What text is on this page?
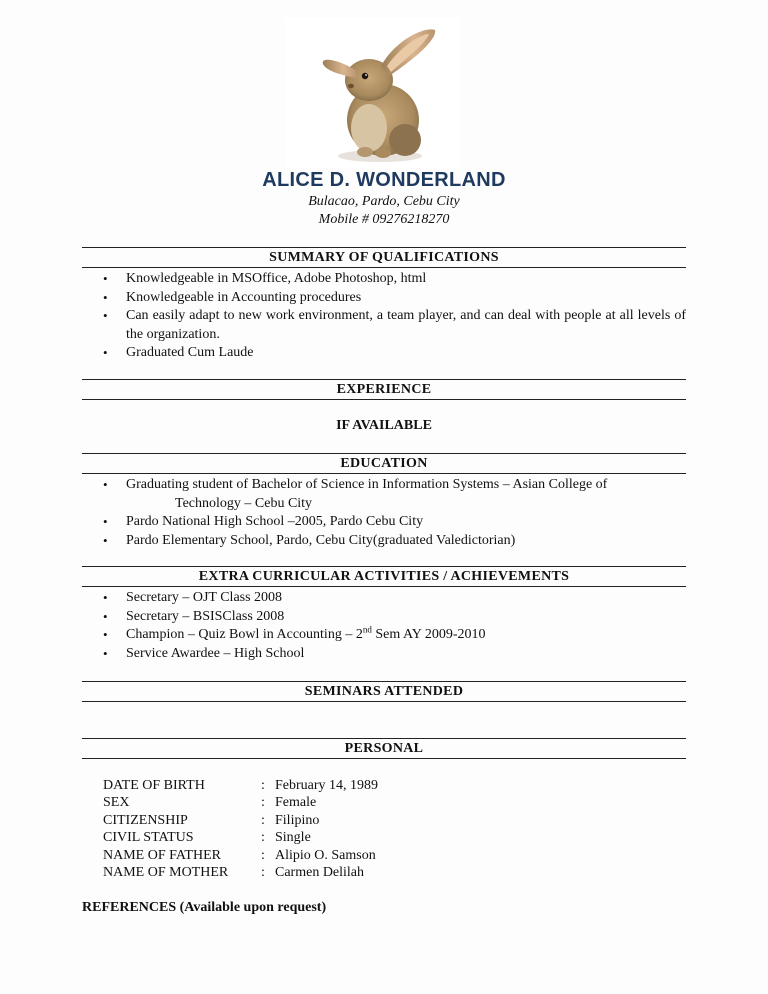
ALICE D. WONDERLAND
Bulacao, Pardo, Cebu City
Mobile # 09276218270
SUMMARY OF QUALIFICATIONS
• Knowledgeable in MSOffice, Adobe Photoshop, html
• Knowledgeable in Accounting procedures
• Can easily adapt to new work environment, a team player, and can deal with people at all levels of the organization.
• Graduated Cum Laude
EXPERIENCE
IF AVAILABLE
EDUCATION
• Graduating student of Bachelor of Science in Information Systems – Asian College of
Technology – Cebu City
• Pardo National High School –2005, Pardo Cebu City
• Pardo Elementary School, Pardo, Cebu City(graduated Valedictorian)
EXTRA CURRICULAR ACTIVITIES / ACHIEVEMENTS
• Secretary – OJT Class 2008
• Secretary – BSISClass 2008
• Champion – Quiz Bowl in Accounting – 2nd Sem AY 2009-2010
• Service Awardee – High School
SEMINARS ATTENDED
PERSONAL
DATE OF BIRTH	:	February 14, 1989
SEX	:	Female
CITIZENSHIP	:	Filipino
CIVIL STATUS	:	Single
NAME OF FATHER	:	Alipio O. Samson
NAME OF MOTHER	:	Carmen Delilah
REFERENCES (Available upon request)
